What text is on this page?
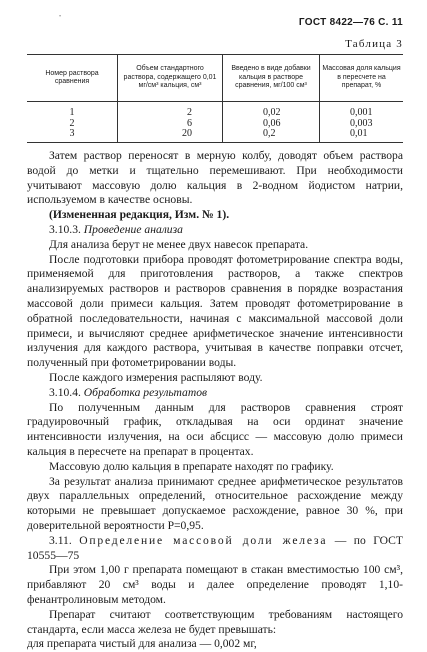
•	ГОСТ 8422—76 С. 11
Таблица 3
Номер раствора сравнения	Объем стандартного раствора, содержащего 0,01 мг/см³ кальция, см³	Введено в виде добавки кальция в растворе сравнения, мг/100 см³	Массовая доля кальция в пересчете на препарат, %
1	2	0,02	0,001
2	6	0,06	0,003
3	20	0,2	0,01

Затем раствор переносят в мерную колбу, доводят объем раствора водой до метки и тщательно перемешивают. При необходимости учитывают массовую долю кальция в 2-водном йодистом натрии, используемом в качестве основы.

(Измененная редакция, Изм. № 1).

3.10.3. Проведение анализа

Для анализа берут не менее двух навесок препарата.

После подготовки прибора проводят фотометрирование спектра воды, применяемой для приготовления растворов, а также спектров анализируемых растворов и растворов сравнения в порядке возрастания массовой доли примеси кальция. Затем проводят фотометрирование в обратной последовательности, начиная с максимальной массовой доли примеси, и вычисляют среднее арифметическое значение интенсивности излучения для каждого раствора, учитывая в качестве поправки отсчет, полученный при фотометрировании воды.

После каждого измерения распыляют воду.

3.10.4. Обработка результатов

По полученным данным для растворов сравнения строят градуировочный график, откладывая на оси ординат значение интенсивности излучения, на оси абсцисс — массовую долю примеси кальция в пересчете на препарат в процентах.

Массовую долю кальция в препарате находят по графику.

За результат анализа принимают среднее арифметическое результатов двух параллельных определений, относительное расхождение между которыми не превышает допускаемое расхождение, равное 30 %, при доверительной вероятности P=0,95.

3.11. Определение массовой доли железа — по ГОСТ 10555—75

При этом 1,00 г препарата помещают в стакан вместимостью 100 см³, прибавляют 20 см³ воды и далее определение проводят 1,10-фенантролиновым методом.

Препарат считают соответствующим требованиям настоящего стандарта, если масса железа не будет превышать:

для препарата чистый для анализа — 0,002 мг,
